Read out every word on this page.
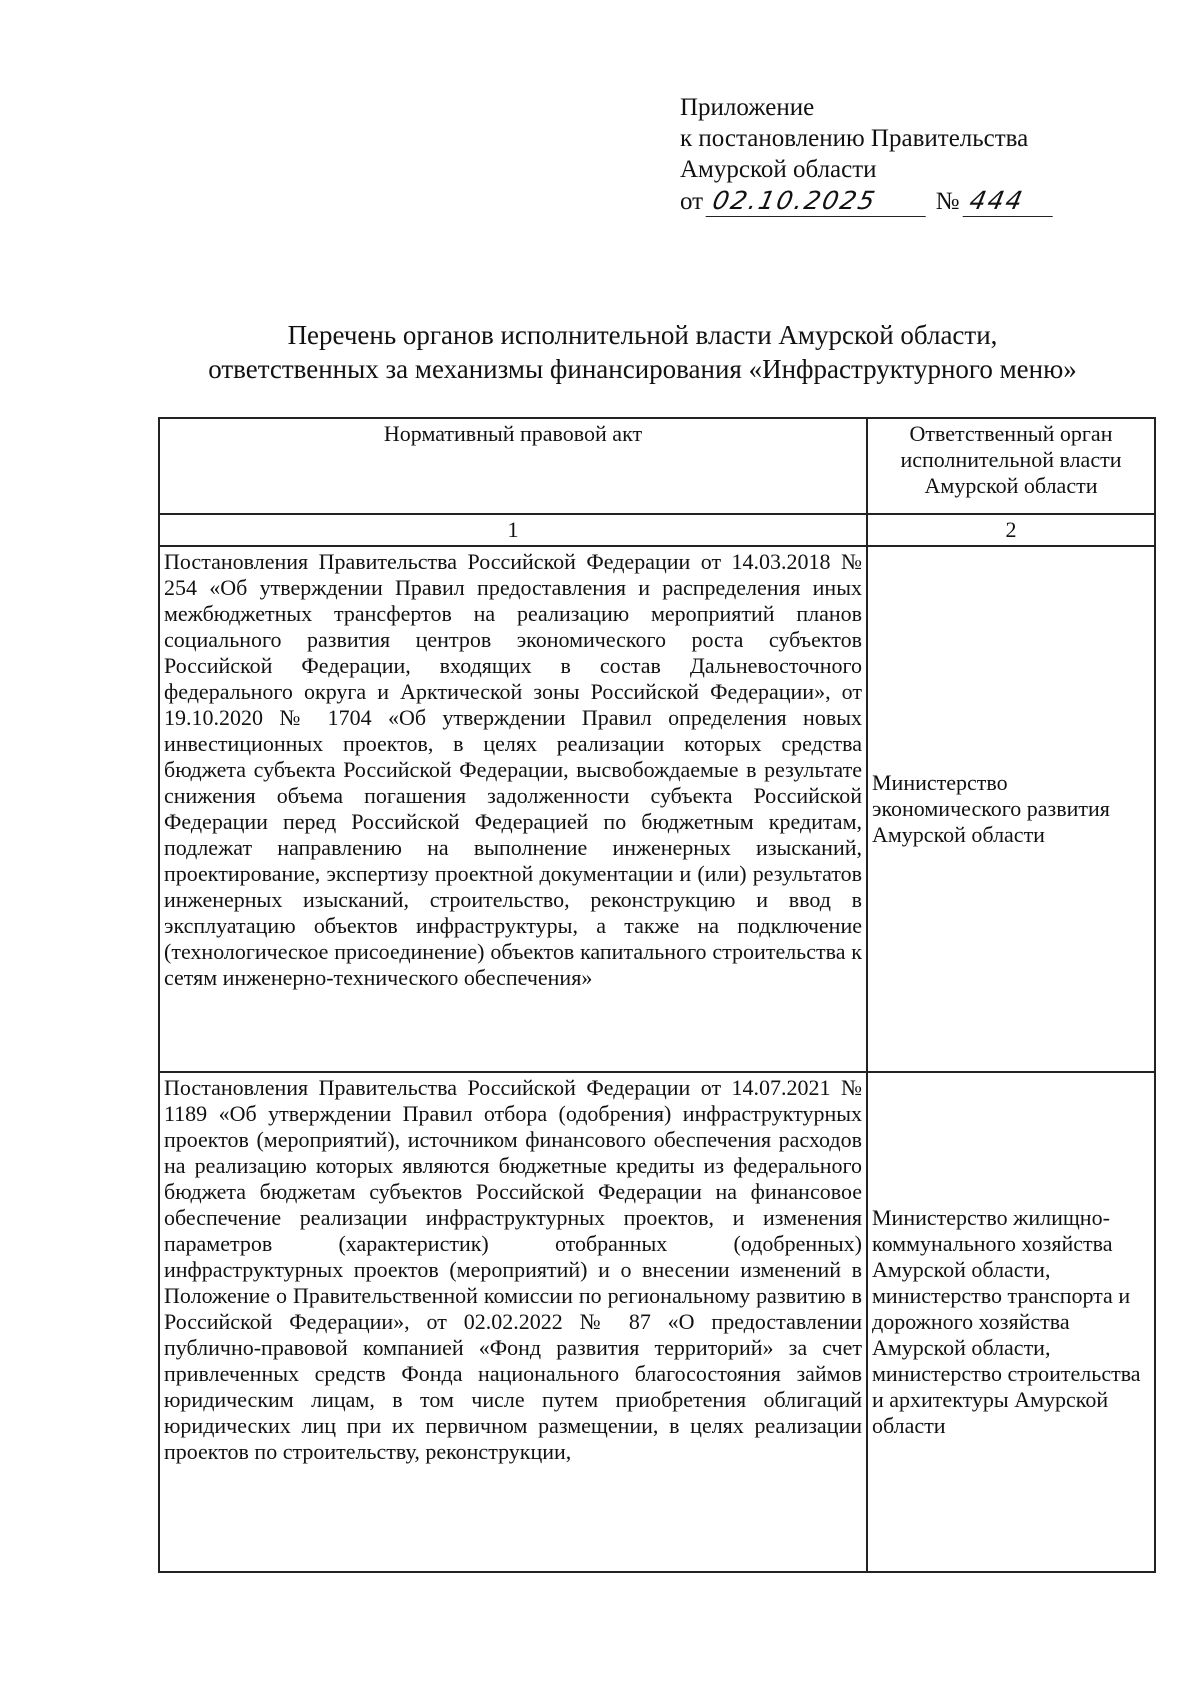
Приложение
к постановлению Правительства
Амурской области
от 02.10.2025 № 444
Перечень органов исполнительной власти Амурской области,
ответственных за механизмы финансирования «Инфраструктурного меню»
Нормативный правовой акт	Ответственный орган исполнительной власти Амурской области
1	2
Постановления Правительства Российской Федерации от 14.03.2018 № 254 «Об утверждении Правил предоставления и распределения иных межбюджетных трансфертов на реализацию мероприятий планов социального развития центров экономического роста субъектов Российской Федерации, входящих в состав Дальневосточного федерального округа и Арктической зоны Российской Федерации», от 19.10.2020 № 1704 «Об утверждении Правил определения новых инвестиционных проектов, в целях реализации которых средства бюджета субъекта Российской Федерации, высвобождаемые в результате снижения объема погашения задолженности субъекта Российской Федерации перед Российской Федерацией по бюджетным кредитам, подлежат направлению на выполнение инженерных изысканий, проектирование, экспертизу проектной документации и (или) результатов инженерных изысканий, строительство, реконструкцию и ввод в эксплуатацию объектов инфраструктуры, а также на подключение (технологическое присоединение) объектов капитального строительства к сетям инженерно-технического обеспечения»	Министерство экономического развития Амурской области
Постановления Правительства Российской Федерации от 14.07.2021 № 1189 «Об утверждении Правил отбора (одобрения) инфраструктурных проектов (мероприятий), источником финансового обеспечения расходов на реализацию которых являются бюджетные кредиты из федерального бюджета бюджетам субъектов Российской Федерации на финансовое обеспечение реализации инфраструктурных проектов, и изменения параметров (характеристик) отобранных (одобренных) инфраструктурных проектов (мероприятий) и о внесении изменений в Положение о Правительственной комиссии по региональному развитию в Российской Федерации», от 02.02.2022 № 87 «О предоставлении публично-правовой компанией «Фонд развития территорий» за счет привлеченных средств Фонда национального благосостояния займов юридическим лицам, в том числе путем приобретения облигаций юридических лиц при их первичном размещении, в целях реализации проектов по строительству, реконструкции,	Министерство жилищно-коммунального хозяйства Амурской области, министерство транспорта и дорожного хозяйства Амурской области, министерство строительства и архитектуры Амурской области
